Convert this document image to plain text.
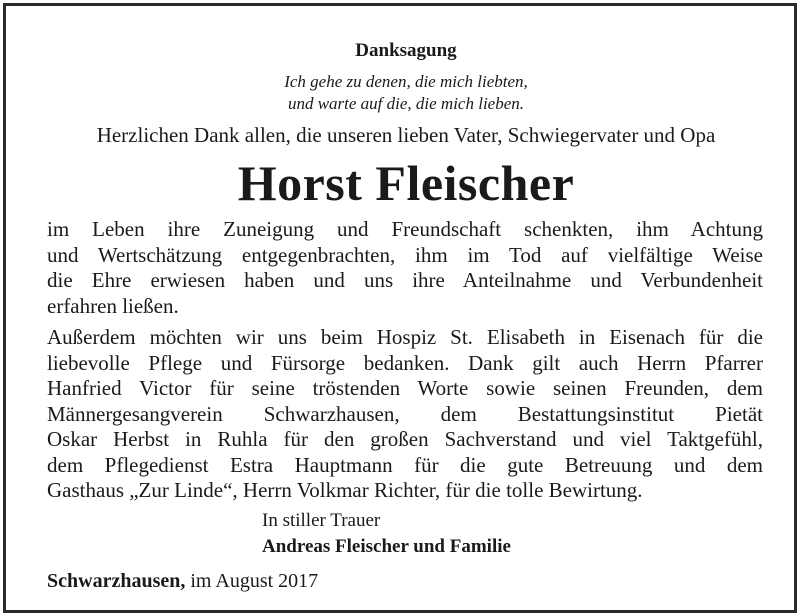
Danksagung
Ich gehe zu denen, die mich liebten,
und warte auf die, die mich lieben.
Herzlichen Dank allen, die unseren lieben Vater, Schwiegervater und Opa
Horst Fleischer
im Leben ihre Zuneigung und Freundschaft schenkten, ihm Achtung
und Wertschätzung entgegenbrachten, ihm im Tod auf vielfältige Weise
die Ehre erwiesen haben und uns ihre Anteilnahme und Verbundenheit
erfahren ließen.
Außerdem möchten wir uns beim Hospiz St. Elisabeth in Eisenach für die
liebevolle Pflege und Fürsorge bedanken. Dank gilt auch Herrn Pfarrer
Hanfried Victor für seine tröstenden Worte sowie seinen Freunden, dem
Männergesangverein Schwarzhausen, dem Bestattungsinstitut Pietät
Oskar Herbst in Ruhla für den großen Sachverstand und viel Taktgefühl,
dem Pflegedienst Estra Hauptmann für die gute Betreuung und dem
Gasthaus „Zur Linde“, Herrn Volkmar Richter, für die tolle Bewirtung.
In stiller Trauer
Andreas Fleischer und Familie
Schwarzhausen, im August 2017
